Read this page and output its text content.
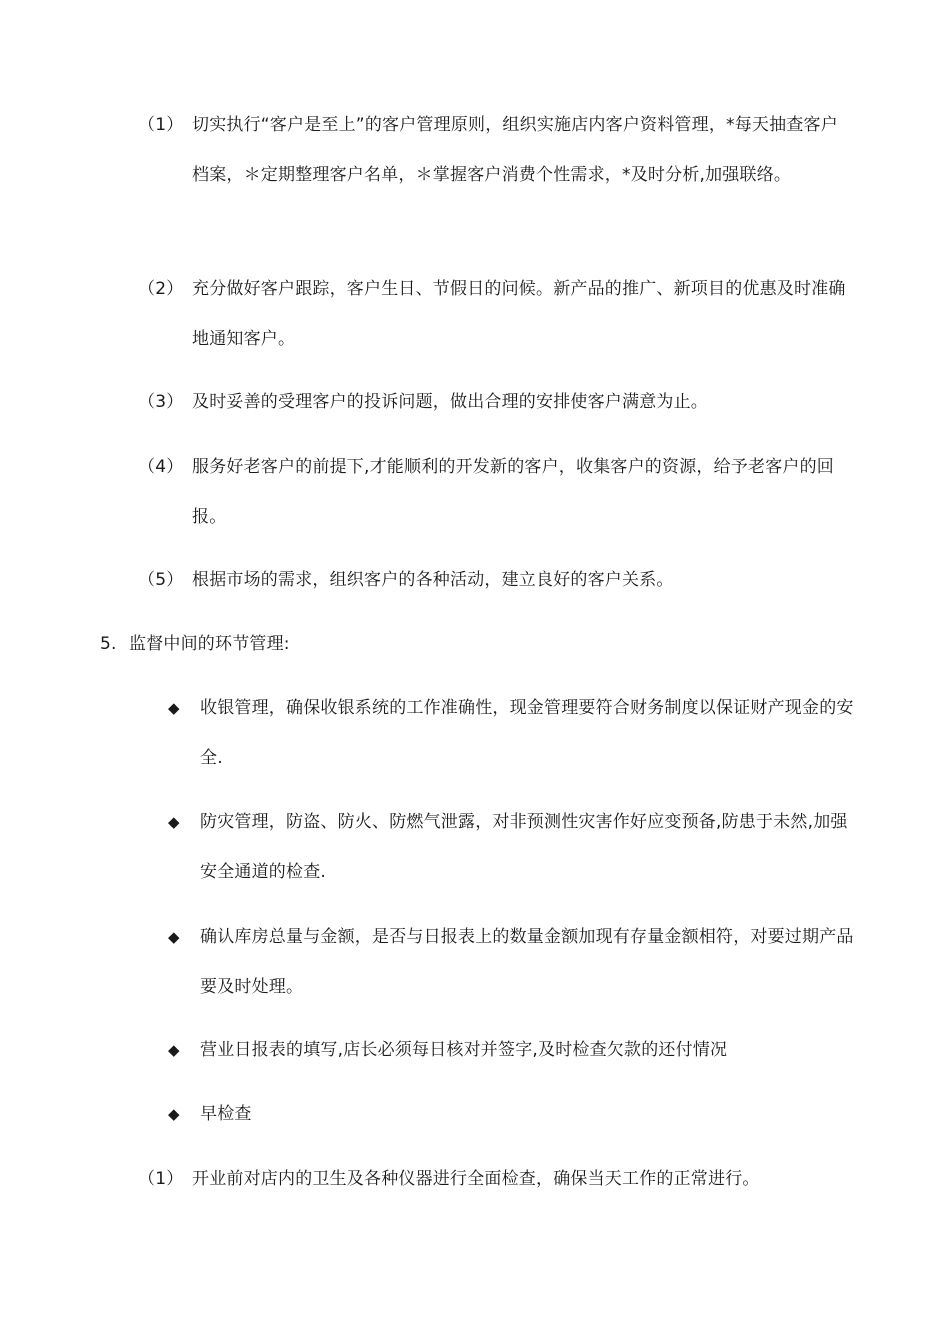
（1） 切实执行“客户是至上”的客户管理原则，组织实施店内客户资料管理，*每天抽查客户档案，＊定期整理客户名单，＊掌握客户消费个性需求，*及时分析,加强联络。
（2） 充分做好客户跟踪，客户生日、节假日的问候。新产品的推广、新项目的优惠及时准确地通知客户。
（3） 及时妥善的受理客户的投诉问题，做出合理的安排使客户满意为止。
（4） 服务好老客户的前提下,才能顺利的开发新的客户，收集客户的资源，给予老客户的回报。
（5） 根据市场的需求，组织客户的各种活动，建立良好的客户关系。
5. 监督中间的环节管理:
◆ 收银管理，确保收银系统的工作准确性，现金管理要符合财务制度以保证财产现金的安全.
◆ 防灾管理，防盗、防火、防燃气泄露，对非预测性灾害作好应变预备,防患于未然,加强安全通道的检查.
◆ 确认库房总量与金额，是否与日报表上的数量金额加现有存量金额相符，对要过期产品要及时处理。
◆ 营业日报表的填写,店长必须每日核对并签字,及时检查欠款的还付情况
◆ 早检查
（1） 开业前对店内的卫生及各种仪器进行全面检查，确保当天工作的正常进行。
